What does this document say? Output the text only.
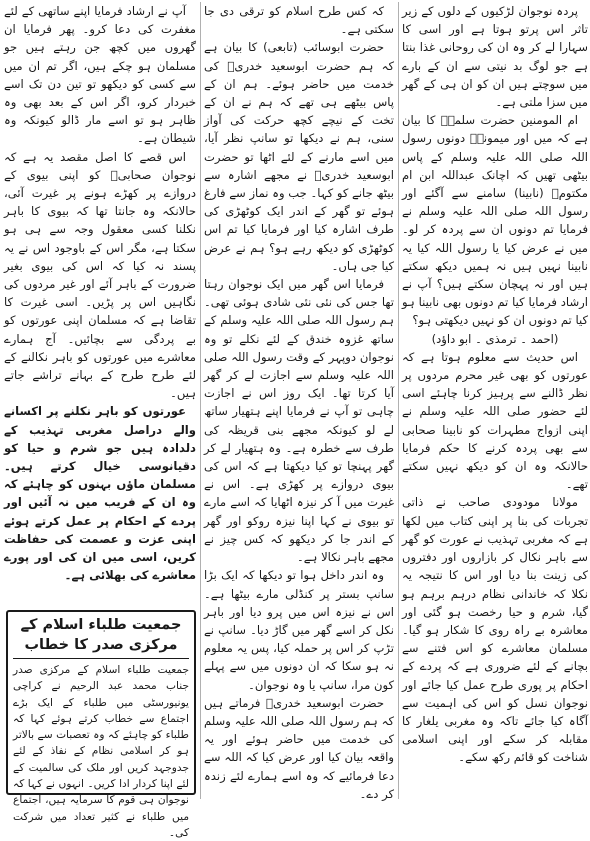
پردہ نوجوان لڑکیوں کے دلوں کے زیر تاثر اس پرتو ہوتا ہے اور اسی کا سہارا لے کر وہ ان کی روحانی غذا بنتا ہے جو لوگ بد نیتی سے ان کے بارے میں سوچتے ہیں ان کو ان ہی کے گھر میں سزا ملتی ہے۔

ام المومنین حضرت سلمہؓ کا بیان ہے کہ میں اور میمونہؓ دونوں رسول اللہ صلی اللہ علیہ وسلم کے پاس بیٹھی تھیں کہ اچانک عبداللہ ابن ام مکتومؓ (نابینا) سامنے سے آگئے اور رسول اللہ صلی اللہ علیہ وسلم نے فرمایا تم دونوں ان سے پردہ کر لو۔ میں نے عرض کیا یا رسول اللہ کیا یہ نابینا نہیں ہیں نہ ہمیں دیکھ سکتے ہیں اور نہ پہچان سکتے ہیں؟ آپ نے ارشاد فرمایا کیا تم دونوں بھی نابینا ہو کیا تم دونوں ان کو نہیں دیکھتی ہو؟

(احمد ۔ ترمذی ۔ ابو داؤد)

اس حدیث سے معلوم ہوتا ہے کہ عورتوں کو بھی غیر محرم مردوں پر نظر ڈالنے سے پرہیز کرنا چاہئے اسی لئے حضور صلی اللہ علیہ وسلم نے اپنی ازواج مطہرات کو نابینا صحابی سے بھی پردہ کرنے کا حکم فرمایا حالانکہ وہ ان کو دیکھ نہیں سکتے تھے۔

مولانا مودودی صاحب نے ذاتی تجربات کی بنا پر اپنی کتاب میں لکھا ہے کہ مغربی تہذیب نے عورت کو گھر سے باہر نکال کر بازاروں اور دفتروں کی زینت بنا دیا اور اس کا نتیجہ یہ نکلا کہ خاندانی نظام درہم برہم ہو گیا، شرم و حیا رخصت ہو گئی اور معاشرہ بے راہ روی کا شکار ہو گیا۔ مسلمان معاشرے کو اس فتنے سے بچانے کے لئے ضروری ہے کہ پردے کے احکام پر پوری طرح عمل کیا جائے اور نوجوان نسل کو اس کی اہمیت سے آگاہ کیا جائے تاکہ وہ مغربی یلغار کا مقابلہ کر سکے اور اپنی اسلامی شناخت کو قائم رکھ سکے۔

کہ کس طرح اسلام کو ترقی دی جا سکتی ہے۔

حضرت ابوسائب (تابعی) کا بیان ہے کہ ہم حضرت ابوسعید خدریؓ کی خدمت میں حاضر ہوئے۔ ہم ان کے پاس بیٹھے ہی تھے کہ ہم نے ان کے تخت کے نیچے کچھ حرکت کی آواز سنی، ہم نے دیکھا تو سانپ نظر آیا، میں اسے مارنے کے لئے اٹھا تو حضرت ابوسعید خدریؓ نے مجھے اشارہ سے بیٹھ جانے کو کہا۔ جب وہ نماز سے فارغ ہوئے تو گھر کے اندر ایک کوٹھڑی کی طرف اشارہ کیا اور فرمایا کیا تم اس کوٹھڑی کو دیکھ رہے ہو؟ ہم نے عرض کیا جی ہاں۔

فرمایا اس گھر میں ایک نوجوان رہتا تھا جس کی نئی نئی شادی ہوئی تھی۔ ہم رسول اللہ صلی اللہ علیہ وسلم کے ساتھ غزوہ خندق کے لئے نکلے تو وہ نوجوان دوپہر کے وقت رسول اللہ صلی اللہ علیہ وسلم سے اجازت لے کر گھر آیا کرتا تھا۔ ایک روز اس نے اجازت چاہی تو آپ نے فرمایا اپنے ہتھیار ساتھ لے لو کیونکہ مجھے بنی قریظہ کی طرف سے خطرہ ہے۔ وہ ہتھیار لے کر گھر پہنچا تو کیا دیکھتا ہے کہ اس کی بیوی دروازے پر کھڑی ہے۔ اس نے غیرت میں آ کر نیزہ اٹھایا کہ اسے مارے تو بیوی نے کہا اپنا نیزہ روکو اور گھر کے اندر جا کر دیکھو کہ کس چیز نے مجھے باہر نکالا ہے۔

وہ اندر داخل ہوا تو دیکھا کہ ایک بڑا سانپ بستر پر کنڈلی مارے بیٹھا ہے۔ اس نے نیزہ اس میں پرو دیا اور باہر نکل کر اسے گھر میں گاڑ دیا۔ سانپ نے تڑپ کر اس پر حملہ کیا، پس یہ معلوم نہ ہو سکا کہ ان دونوں میں سے پہلے کون مرا، سانپ یا وہ نوجوان۔

حضرت ابوسعید خدریؓ فرماتے ہیں کہ ہم رسول اللہ صلی اللہ علیہ وسلم کی خدمت میں حاضر ہوئے اور یہ واقعہ بیان کیا اور عرض کیا کہ اللہ سے دعا فرمائیے کہ وہ اسے ہمارے لئے زندہ کر دے۔

آپ نے ارشاد فرمایا اپنے ساتھی کے لئے مغفرت کی دعا کرو۔ پھر فرمایا ان گھروں میں کچھ جن رہتے ہیں جو مسلمان ہو چکے ہیں، اگر تم ان میں سے کسی کو دیکھو تو تین دن تک اسے خبردار کرو، اگر اس کے بعد بھی وہ ظاہر ہو تو اسے مار ڈالو کیونکہ وہ شیطان ہے۔

اس قصے کا اصل مقصد یہ ہے کہ نوجوان صحابیؓ کو اپنی بیوی کے دروازے پر کھڑے ہونے پر غیرت آئی، حالانکہ وہ جانتا تھا کہ بیوی کا باہر نکلنا کسی معقول وجہ سے ہی ہو سکتا ہے، مگر اس کے باوجود اس نے یہ پسند نہ کیا کہ اس کی بیوی بغیر ضرورت کے باہر آئے اور غیر مردوں کی نگاہیں اس پر پڑیں۔ اسی غیرت کا تقاضا ہے کہ مسلمان اپنی عورتوں کو بے پردگی سے بچائیں۔ آج ہمارے معاشرے میں عورتوں کو باہر نکالنے کے لئے طرح طرح کے بہانے تراشے جاتے ہیں۔

عورتوں کو باہر نکلنے پر اکسانے والے دراصل مغربی تہذیب کے دلدادہ ہیں جو شرم و حیا کو دقیانوسی خیال کرتے ہیں۔ مسلمان ماؤں بہنوں کو چاہئے کہ وہ ان کے فریب میں نہ آئیں اور پردے کے احکام پر عمل کرتے ہوئے اپنی عزت و عصمت کی حفاظت کریں، اسی میں ان کی اور پورے معاشرے کی بھلائی ہے۔

جمعیت طلباء اسلام کے مرکزی صدر کا خطاب

جمعیت طلباء اسلام کے مرکزی صدر جناب محمد عبد الرحیم نے کراچی یونیورسٹی میں طلباء کے ایک بڑے اجتماع سے خطاب کرتے ہوئے کہا کہ طلباء کو چاہئے کہ وہ تعصبات سے بالاتر ہو کر اسلامی نظام کے نفاذ کے لئے جدوجہد کریں اور ملک کی سالمیت کے لئے اپنا کردار ادا کریں۔ انہوں نے کہا کہ نوجوان ہی قوم کا سرمایہ ہیں، اجتماع میں طلباء نے کثیر تعداد میں شرکت کی۔
